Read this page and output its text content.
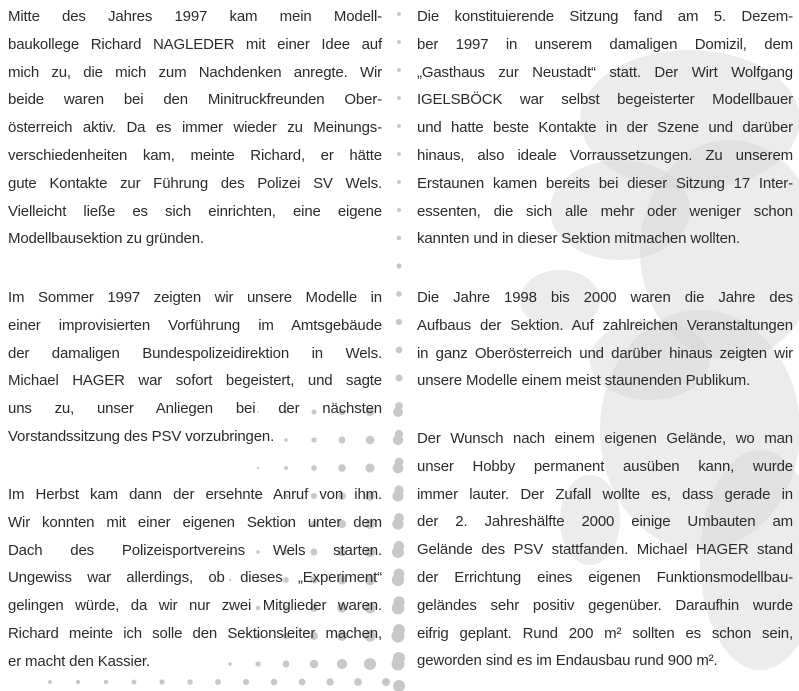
Mitte des Jahres 1997 kam mein Modell-
baukollege Richard NAGLEDER mit einer Idee auf
mich zu, die mich zum Nachdenken anregte. Wir
beide waren bei den Minitruckfreunden Ober-
österreich aktiv. Da es immer wieder zu Meinungs-
verschiedenheiten kam, meinte Richard, er hätte
gute Kontakte zur Führung des Polizei SV Wels.
Vielleicht ließe es sich einrichten, eine eigene
Modellbausektion zu gründen.
Im Sommer 1997 zeigten wir unsere Modelle in
einer improvisierten Vorführung im Amtsgebäude
der damaligen Bundespolizeidirektion in Wels.
Michael HAGER war sofort begeistert, und sagte
uns zu, unser Anliegen bei der nächsten
Vorstandssitzung des PSV vorzubringen.
Im Herbst kam dann der ersehnte Anruf von ihm.
Wir konnten mit einer eigenen Sektion unter dem
Dach des Polizeisportvereins Wels starten.
Ungewiss war allerdings, ob dieses „Experiment“
gelingen würde, da wir nur zwei Mitglieder waren.
Richard meinte ich solle den Sektionsleiter machen,
er macht den Kassier.
Die konstituierende Sitzung fand am 5. Dezem-
ber 1997 in unserem damaligen Domizil, dem
„Gasthaus zur Neustadt“ statt. Der Wirt Wolfgang
IGELSBÖCK war selbst begeisterter Modellbauer
und hatte beste Kontakte in der Szene und darüber
hinaus, also ideale Vorraussetzungen. Zu unserem
Erstaunen kamen bereits bei dieser Sitzung 17 Inter-
essenten, die sich alle mehr oder weniger schon
kannten und in dieser Sektion mitmachen wollten.
Die Jahre 1998 bis 2000 waren die Jahre des
Aufbaus der Sektion. Auf zahlreichen Veranstaltungen
in ganz Oberösterreich und darüber hinaus zeigten wir
unsere Modelle einem meist staunenden Publikum.
Der Wunsch nach einem eigenen Gelände, wo man
unser Hobby permanent ausüben kann, wurde
immer lauter. Der Zufall wollte es, dass gerade in
der 2. Jahreshälfte 2000 einige Umbauten am
Gelände des PSV stattfanden. Michael HAGER stand
der Errichtung eines eigenen Funktionsmodellbau-
geländes sehr positiv gegenüber. Daraufhin wurde
eifrig geplant. Rund 200 m² sollten es schon sein,
geworden sind es im Endausbau rund 900 m².
